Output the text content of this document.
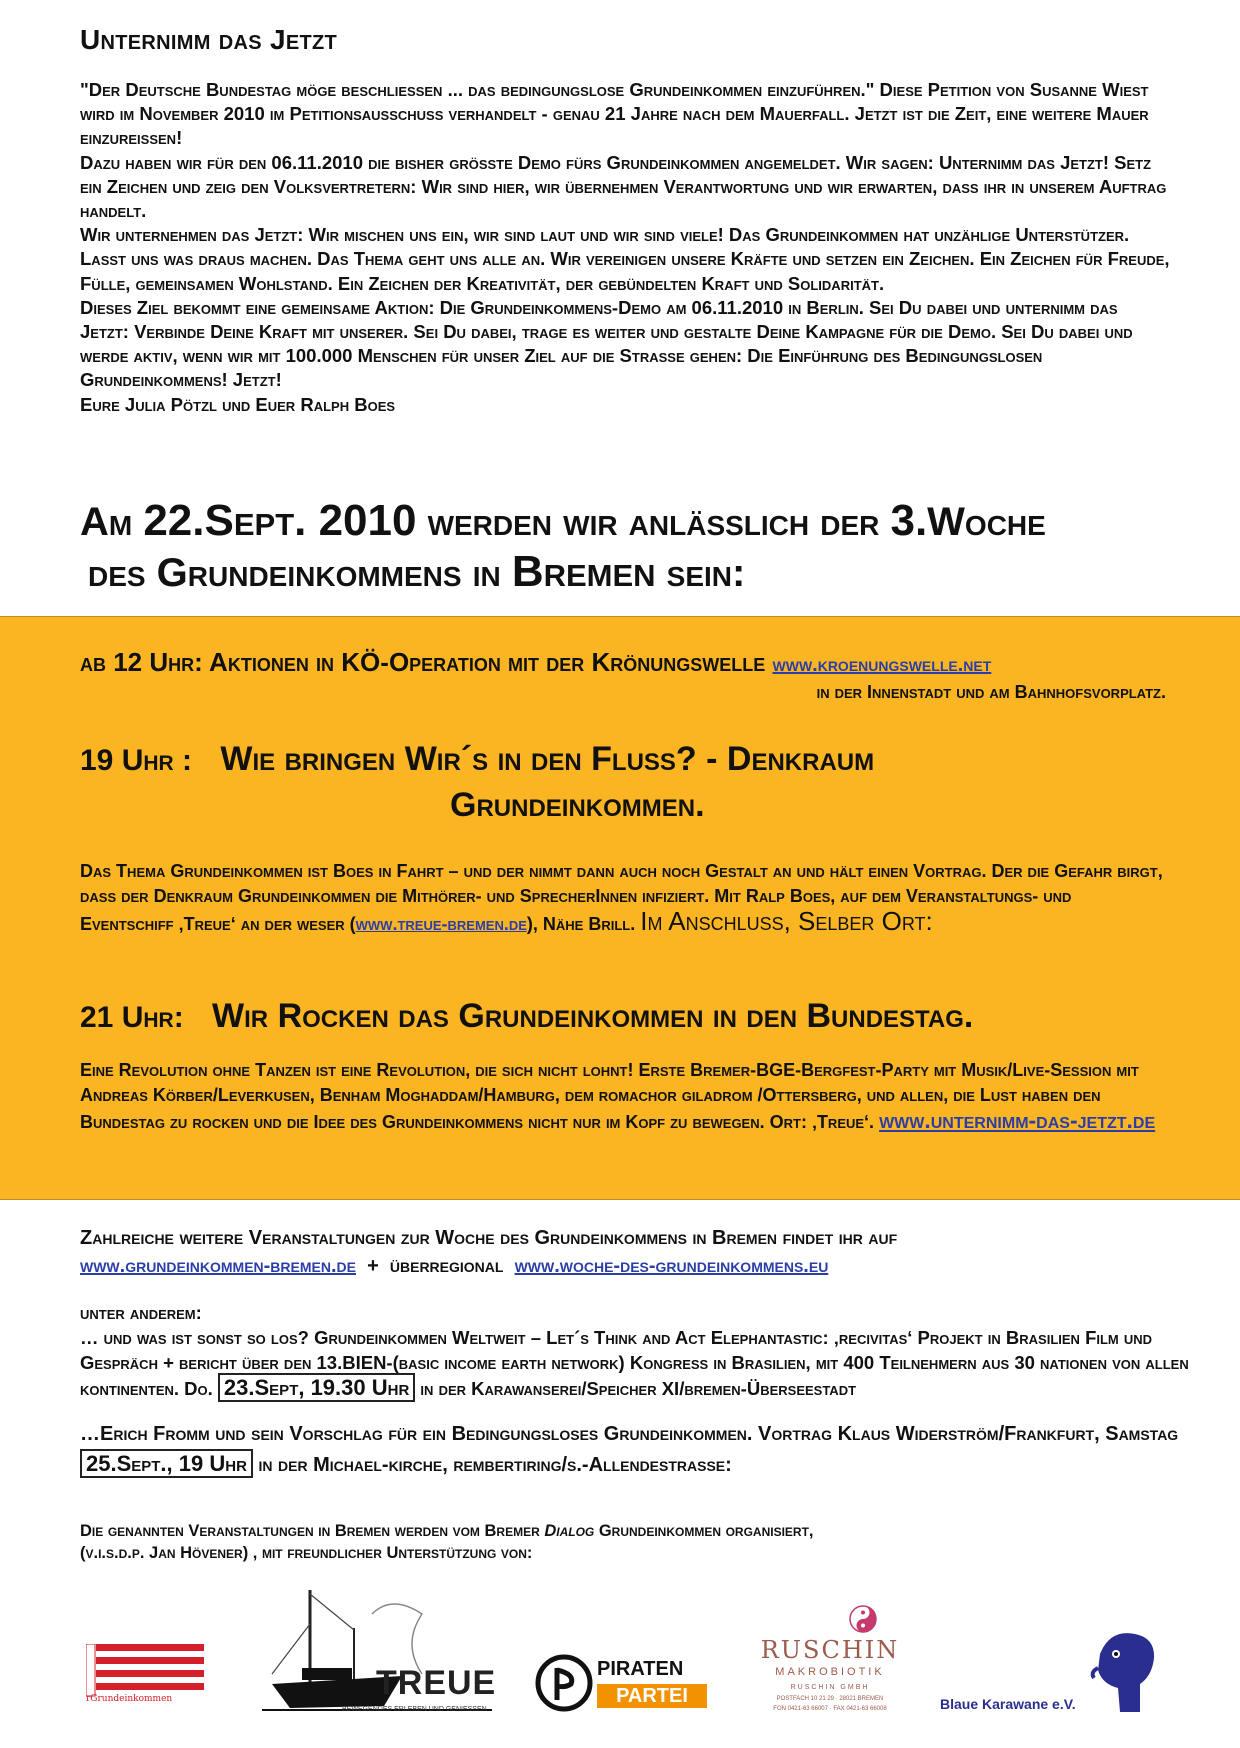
Unternimm das Jetzt

"Der Deutsche Bundestag möge beschließen ... das bedingungslose Grundeinkommen einzuführen." Diese Petition von Susanne Wiest wird im November 2010 im Petitionsausschuss verhandelt - genau 21 Jahre nach dem Mauerfall. Jetzt ist die Zeit, eine weitere Mauer einzureißen!

Dazu haben wir für den 06.11.2010 die bisher größte Demo fürs Grundeinkommen angemeldet. Wir sagen: Unternimm das Jetzt! Setz ein Zeichen und zeig den Volksvertretern: Wir sind hier, wir übernehmen Verantwortung und wir erwarten, dass ihr in unserem Auftrag handelt.

Wir unternehmen das Jetzt: Wir mischen uns ein, wir sind laut und wir sind viele! Das Grundeinkommen hat unzählige Unterstützer. Lasst uns was draus machen. Das Thema geht uns alle an. Wir vereinigen unsere Kräfte und setzen ein Zeichen. Ein Zeichen für Freude, Fülle, gemeinsamen Wohlstand. Ein Zeichen der Kreativität, der gebündelten Kraft und Solidarität.

Dieses Ziel bekommt eine gemeinsame Aktion: Die Grundeinkommens-Demo am 06.11.2010 in Berlin. Sei Du dabei und unternimm das Jetzt: Verbinde Deine Kraft mit unserer. Sei Du dabei, trage es weiter und gestalte Deine Kampagne für die Demo. Sei Du dabei und werde aktiv, wenn wir mit 100.000 Menschen für unser Ziel auf die Straße gehen: Die Einführung des Bedingungslosen Grundeinkommens! Jetzt!

Eure Julia Pötzl und Euer Ralph Boes

Am 22.Sept. 2010 werden wir anlässlich der 3.Woche
des Grundeinkommens in Bremen sein:
ab 12 Uhr: Aktionen in KÖ-Operation mit der Krönungswelle www.kroenungswelle.net
in der Innenstadt und am Bahnhofsvorplatz.
19 Uhr : Wie bringen Wir´s in den Fluss? - Denkraum
Grundeinkommen.
Das Thema Grundeinkommen ist Boes in Fahrt – und der nimmt dann auch noch Gestalt an und hält einen Vortrag. Der die Gefahr birgt, dass der Denkraum Grundeinkommen die Mithörer- und SprecherInnen infiziert. Mit Ralp Boes, auf dem Veranstaltungs- und Eventschiff ‚Treue‘ an der weser (www.treue-bremen.de), Nähe Brill. Im Anschluss, Selber Ort:
21 Uhr: Wir Rocken das Grundeinkommen in den Bundestag.
Eine Revolution ohne Tanzen ist eine Revolution, die sich nicht lohnt! Erste Bremer-BGE-Bergfest-Party mit Musik/Live-Session mit Andreas Körber/Leverkusen, Benham Moghaddam/Hamburg, dem romachor giladrom /Ottersberg, und allen, die Lust haben den Bundestag zu rocken und die Idee des Grundeinkommens nicht nur im Kopf zu bewegen. Ort: ‚Treue‘. www.unternimm-das-jetzt.de
Zahlreiche weitere Veranstaltungen zur Woche des Grundeinkommens in Bremen findet ihr auf
www.grundeinkommen-bremen.de  +  überregional  www.woche-des-grundeinkommens.eu
unter anderem:
… und was ist sonst so los? Grundeinkommen Weltweit – Let´s Think and Act Elephantastic: ‚recivitas‘ Projekt in Brasilien Film und Gespräch + bericht über den 13.BIEN-(basic income earth network) Kongress in Brasilien, mit 400 Teilnehmern aus 30 nationen von allen kontinenten. Do. 23.Sept, 19.30 Uhr in der Karawanserei/Speicher XI/bremen-Überseestadt
…Erich Fromm und sein Vorschlag für ein Bedingungsloses Grundeinkommen. Vortrag Klaus Widerström/Frankfurt, Samstag 25.Sept., 19 Uhr in der Michael-kirche, rembertiring/s.-Allendestraße:
Die genannten Veranstaltungen in Bremen werden vom Bremer Dialog Grundeinkommen organisiert,
(v.i.s.d.p. Jan Hövener) , mit freundlicher Unterstützung von:
rGrundeinkommen	TREUE
BEWEGENDES ERLEBEN UND GENIESSEN
PIRATEN
PARTEI
RUSCHIN
MAKROBIOTIK
RUSCHIN GMBH
POSTFACH 10 21 29 · 28021 BREMEN
FON 0421-63 66007 · FAX 0421-63 66008	Blaue Karawane e.V.
